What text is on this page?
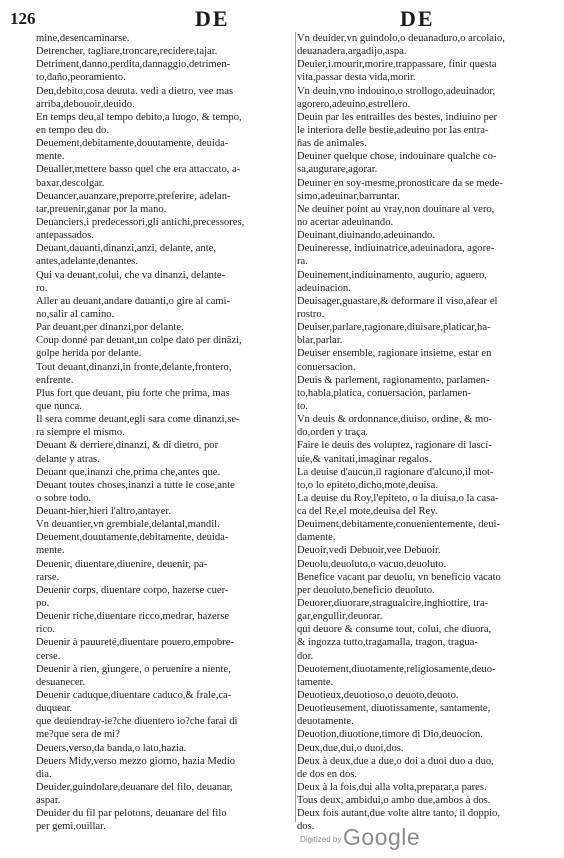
126	DE	DE
mine,desencaminarse.
Detrencher, tagliare,troncare,recidere,tajar.
Detriment,danno,perdita,dannaggio,detrimen-
to,daño,peoramiento.
Deu,debito,cosa deuuta. vedi a dietro, vee mas
arriba,debouoir,deuido.
En temps deu,al tempo debito,a luogo, & tempo,
en tempo deu do.
Deuement,debitamente,douutamente, deuida-
mente.
Deualler,mettere basso quel che era attaccato, a-
baxar,descolgar.
Deuancer,auanzare,preporre,preferire, adelan-
tar,preuenir,ganar por la mano.
Deuanciers,i predecessori,gli antichi,precessores,
antepassados.
Deuant,dauanti,dinanzi,anzi, delante, ante,
antes,adelante,denantes.
Qui va deuant,colui, che va dinanzi, delante-
ro.
Aller au deuant,andare dauanti,o gire al cami-
no,salir al camino.
Par deuant,per dinanzi,por delante.
Coup donné par deuant,un colpe dato per dinãzi,
golpe herida por delante.
Tout deuant,dinanzi,in fronte,delante,frontero,
enfrente.
Plus fort que deuant, piu forte che prima, mas
que nunca.
Il sera comme deuant,egli sara come dinanzi,se-
ra siempre el mismo.
Deuant & derriere,dinanzi, & di dietro, por
delante y atras.
Deuant que,inanzi che,prima che,antes que.
Deuant toutes choses,inanzi a tutte le cose,ante
o sobre todo.
Deuant-hier,hieri l'altro,antayer.
Vn deuantier,vn grembiale,delantal,mandil.
Deuement,douutamente,debitamente, deuida-
mente.
Deuenir, diuentare,diuenire, deuenir, pa-
rarse.
Deuenir corps, diuentare corpo, hazerse cuer-
po.
Deuenir riche,diuentare ricco,medrar, hazerse
rico.
Deuenir à pauureté,diuentare pouero,empobre-
cerse.
Deuenir à rien, giungere, o peruenire a niente,
desuanecer.
Deuenir caduque,diuentare caduco,& frale,ca-
duquear.
que deuiendray-ie?che diuentero io?che farai di
me?que sera de mi?
Deuers,verso,da banda,o lato,hazia.
Deuers Midy,verso mezzo giorno, hazia Medio
dia.
Deuider,guindolare,deuanare del filo, deuanar,
aspar.
Deuider du fil par pelotons, deuanare del filo
per gemi,ouillar.
Vn deuider,vn guindolo,o deuanaduro,o arcolaio,
deuanadera,argadijo,aspa.
Deuier,i.mourir,morire,trappassare, finir questa
vita,passar desta vida,morir.
Vn deuin,vno indouino,o strollogo,adeuinador,
agorero,adeuino,estrellero.
Deuin par les entrailles des bestes, indiuino per
le interiora delle bestie,adeuino por las entra-
ñas de animales.
Deuiner quelque chose, indouinare qualche co-
sa,augurare,agorar.
Deuiner en soy-mesme,pronosticare da se mede-
simo,adeuinar,barruntar.
Ne deuiner point au vray,non douinare al vero,
no acertar adeuinando.
Deuinant,diuinando,adeuinando.
Deuineresse, indiuinatrice,adeuinadora, agore-
ra.
Deuinement,indiuinamento, augurio, aguero,
adeuinacion.
Deuisager,guastare,& deformare il viso,afear el
rostro.
Deuiser,parlare,ragionare,diuisare,platicar,ha-
blar,parlar.
Deuiser ensemble, ragionare insieme, estar en
conuersacion.
Deuis & parlement, ragionamento, parlamen-
to,habla,platica, conuersacion, parlamen-
to.
Vn deuis & ordonnance,diuiso, ordine, & mo-
do,orden y traça.
Faire le deuis des voluptez, ragionare di lascí-
uie,& vanitati,imaginar regalos.
La deuise d'aucun,il ragionare d'alcuno,il mot-
to,o lo epiteto,dicho,mote,deuisa.
La deuise du Roy,l'epiteto, o la diuisa,o la casa-
ca del Re,el mote,deuisa del Rey.
Deuiment,debitamente,conuenientemente, deui-
damente.
Deuoir,vedi Debuoir,vee Debuoir.
Deuolu,deuoluto,o vacuo,deuoluto.
Benefice vacant par deuolu, vn beneficio vacato
per deuoluto,beneficio deuoluto.
Deuorer,diuorare,stragualcire,inghiottire, tra-
gar,engullir,deuorar.
qui deuore & consume tout, colui, che diuora,
& ingozza tutto,tragamalla, tragon, tragua-
dor.
Deuotement,diuotamente,religiosamente,deuo-
tamente.
Deuotieux,deuotioso,o deuoto,deuoto.
Deuotieusement, diuotissamente, santamente,
deuotamente.
Deuotion,diuotione,timore di Dio,deuocion.
Deux,due,dui,o duoi,dos.
Deux à deux,due a due,o doi a duoi duo a duo,
de dos en dos.
Deux à la fois,dui alla volta,preparar,a pares.
Tous deux, ambidui,o ambo due,ambos à dos.
Deux fois autant,due volte altre tanto, il doppio,
dos.
Digitized by Google
